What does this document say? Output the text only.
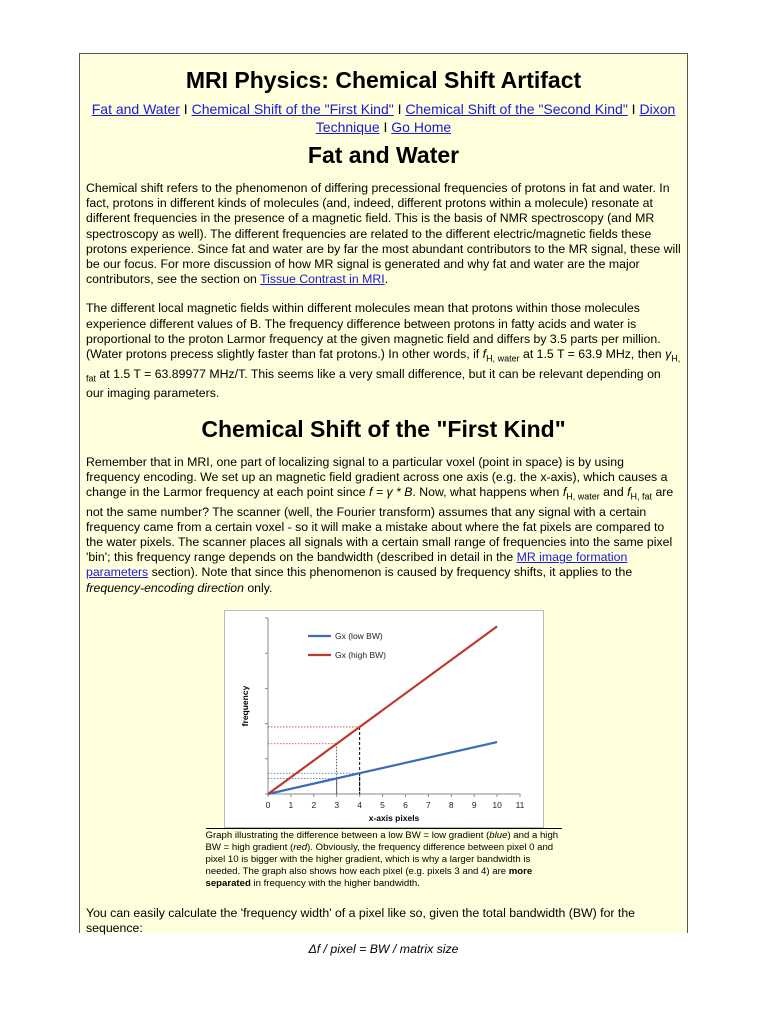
MRI Physics: Chemical Shift Artifact
Fat and Water I Chemical Shift of the "First Kind" I Chemical Shift of the "Second Kind" I Dixon Technique I Go Home
Fat and Water

Chemical shift refers to the phenomenon of differing precessional frequencies of protons in fat and water. In fact, protons in different kinds of molecules (and, indeed, different protons within a molecule) resonate at different frequencies in the presence of a magnetic field. This is the basis of NMR spectroscopy (and MR spectroscopy as well). The different frequencies are related to the different electric/magnetic fields these protons experience. Since fat and water are by far the most abundant contributors to the MR signal, these will be our focus. For more discussion of how MR signal is generated and why fat and water are the major contributors, see the section on Tissue Contrast in MRI.

The different local magnetic fields within different molecules mean that protons within those molecules experience different values of B. The frequency difference between protons in fatty acids and water is proportional to the proton Larmor frequency at the given magnetic field and differs by 3.5 parts per million. (Water protons precess slightly faster than fat protons.) In other words, if $f_{H, water}$ at 1.5 T = 63.9 MHz, then $\gamma_{H, fat}$ at 1.5 T = 63.89977 MHz/T. This seems like a very small difference, but it can be relevant depending on our imaging parameters.

Chemical Shift of the "First Kind"

Remember that in MRI, one part of localizing signal to a particular voxel (point in space) is by using frequency encoding. We set up an magnetic field gradient across one axis (e.g. the x-axis), which causes a change in the Larmor frequency at each point since f = γ * B. Now, what happens when $f_{H, water}$ and $f_{H, fat}$ are not the same number? The scanner (well, the Fourier transform) assumes that any signal with a certain frequency came from a certain voxel - so it will make a mistake about where the fat pixels are compared to the water pixels. The scanner places all signals with a certain small range of frequencies into the same pixel 'bin'; this frequency range depends on the bandwidth (described in detail in the MR image formation parameters section). Note that since this phenomenon is caused by frequency shifts, it applies to the frequency-encoding direction only.

0 1 2 3 4 5 6 7 8 9 10 11
Gx (low BW)
Gx (high BW)
x-axis pixels
frequency
Graph illustrating the difference between a low BW = low gradient (blue) and a high BW = high gradient (red). Obviously, the frequency difference between pixel 0 and pixel 10 is bigger with the higher gradient, which is why a larger bandwidth is needed. The graph also shows how each pixel (e.g. pixels 3 and 4) are more separated in frequency with the higher bandwidth.

You can easily calculate the 'frequency width' of a pixel like so, given the total bandwidth (BW) for the sequence:

Δf / pixel = BW / matrix size
